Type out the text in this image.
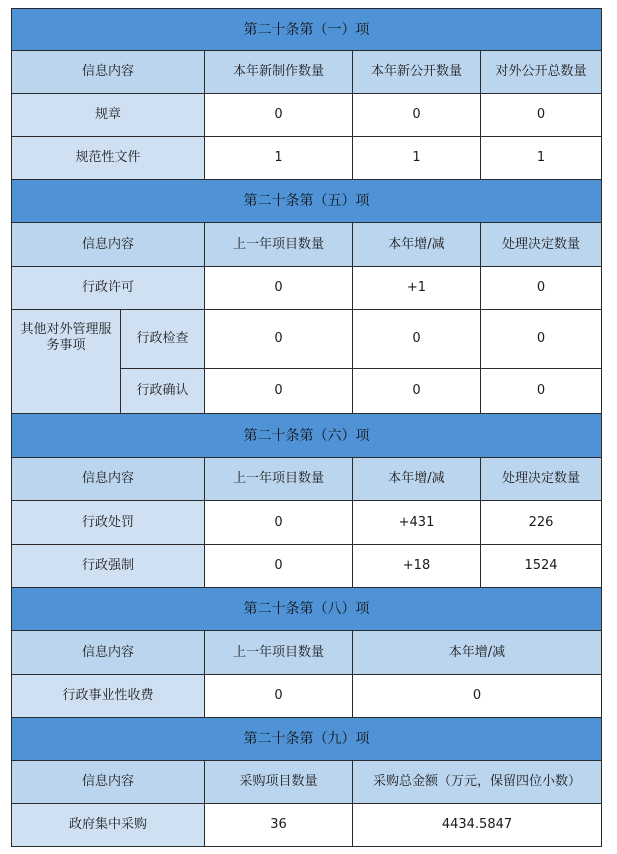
第二十条第（一）项
信息内容	本年新制作数量	本年新公开数量	对外公开总数量
规章	0	0	0
规范性文件	1	1	1
第二十条第（五）项
信息内容	上一年项目数量	本年增/减	处理决定数量
行政许可	0	+1	0
其他对外管理服务事项	行政检查	0	0	0
行政确认	0	0	0
第二十条第（六）项
信息内容	上一年项目数量	本年增/减	处理决定数量
行政处罚	0	+431	226
行政强制	0	+18	1524
第二十条第（八）项
信息内容	上一年项目数量	本年增/减
行政事业性收费	0	0
第二十条第（九）项
信息内容	采购项目数量	采购总金额（万元，保留四位小数）
政府集中采购	36	4434.5847
